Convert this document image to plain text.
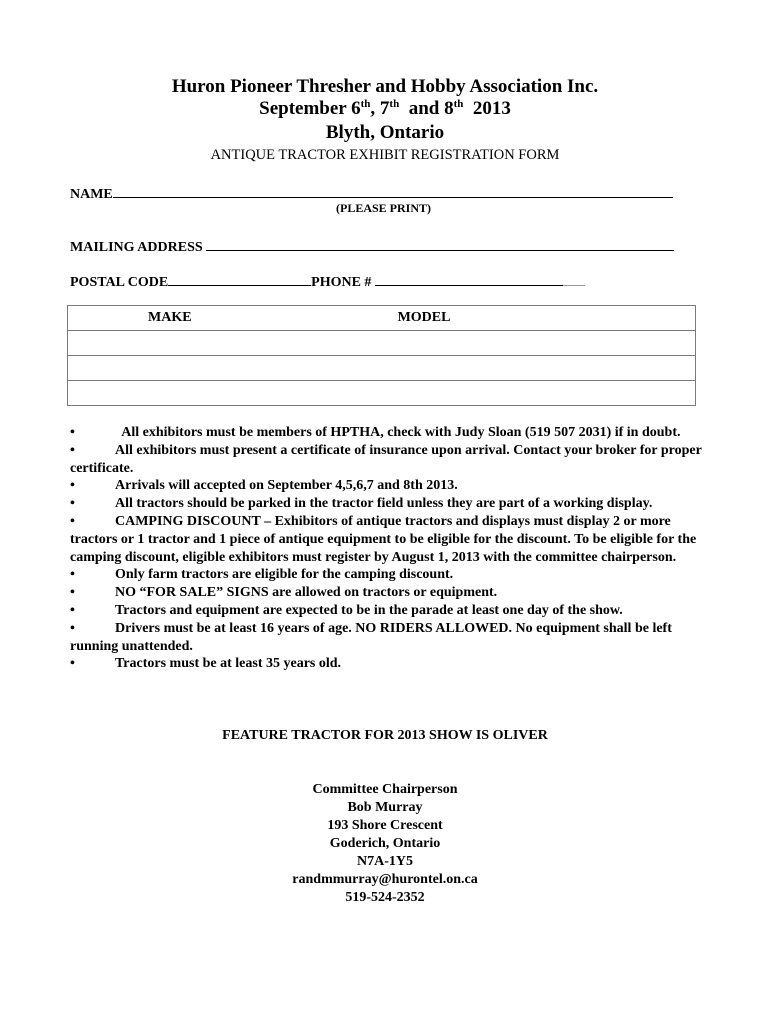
Huron Pioneer Thresher and Hobby Association Inc.
September 6th, 7th  and 8th  2013
Blyth, Ontario
ANTIQUE TRACTOR EXHIBIT REGISTRATION FORM
NAME
(PLEASE PRINT)
MAILING ADDRESS
POSTAL CODE	PHONE #
MAKE	MODEL

•	All exhibitors must be members of HPTHA, check with Judy Sloan (519 507 2031) if in doubt.

•	All exhibitors must present a certificate of insurance upon arrival. Contact your broker for proper certificate.

•	Arrivals will accepted on September 4,5,6,7 and 8th 2013.

•	All tractors should be parked in the tractor field unless they are part of a working display.

•	CAMPING DISCOUNT – Exhibitors of antique tractors and displays must display 2 or more tractors or 1 tractor and 1 piece of antique equipment to be eligible for the discount. To be eligible for the camping discount, eligible exhibitors must register by August 1, 2013 with the committee chairperson.

•	Only farm tractors are eligible for the camping discount.

•	NO “FOR SALE” SIGNS are allowed on tractors or equipment.

•	Tractors and equipment are expected to be in the parade at least one day of the show.

•	Drivers must be at least 16 years of age. NO RIDERS ALLOWED. No equipment shall be left running unattended.

•	Tractors must be at least 35 years old.

FEATURE TRACTOR FOR 2013 SHOW IS OLIVER
Committee Chairperson
Bob Murray
193 Shore Crescent
Goderich, Ontario
N7A-1Y5
randmmurray@hurontel.on.ca
519-524-2352
